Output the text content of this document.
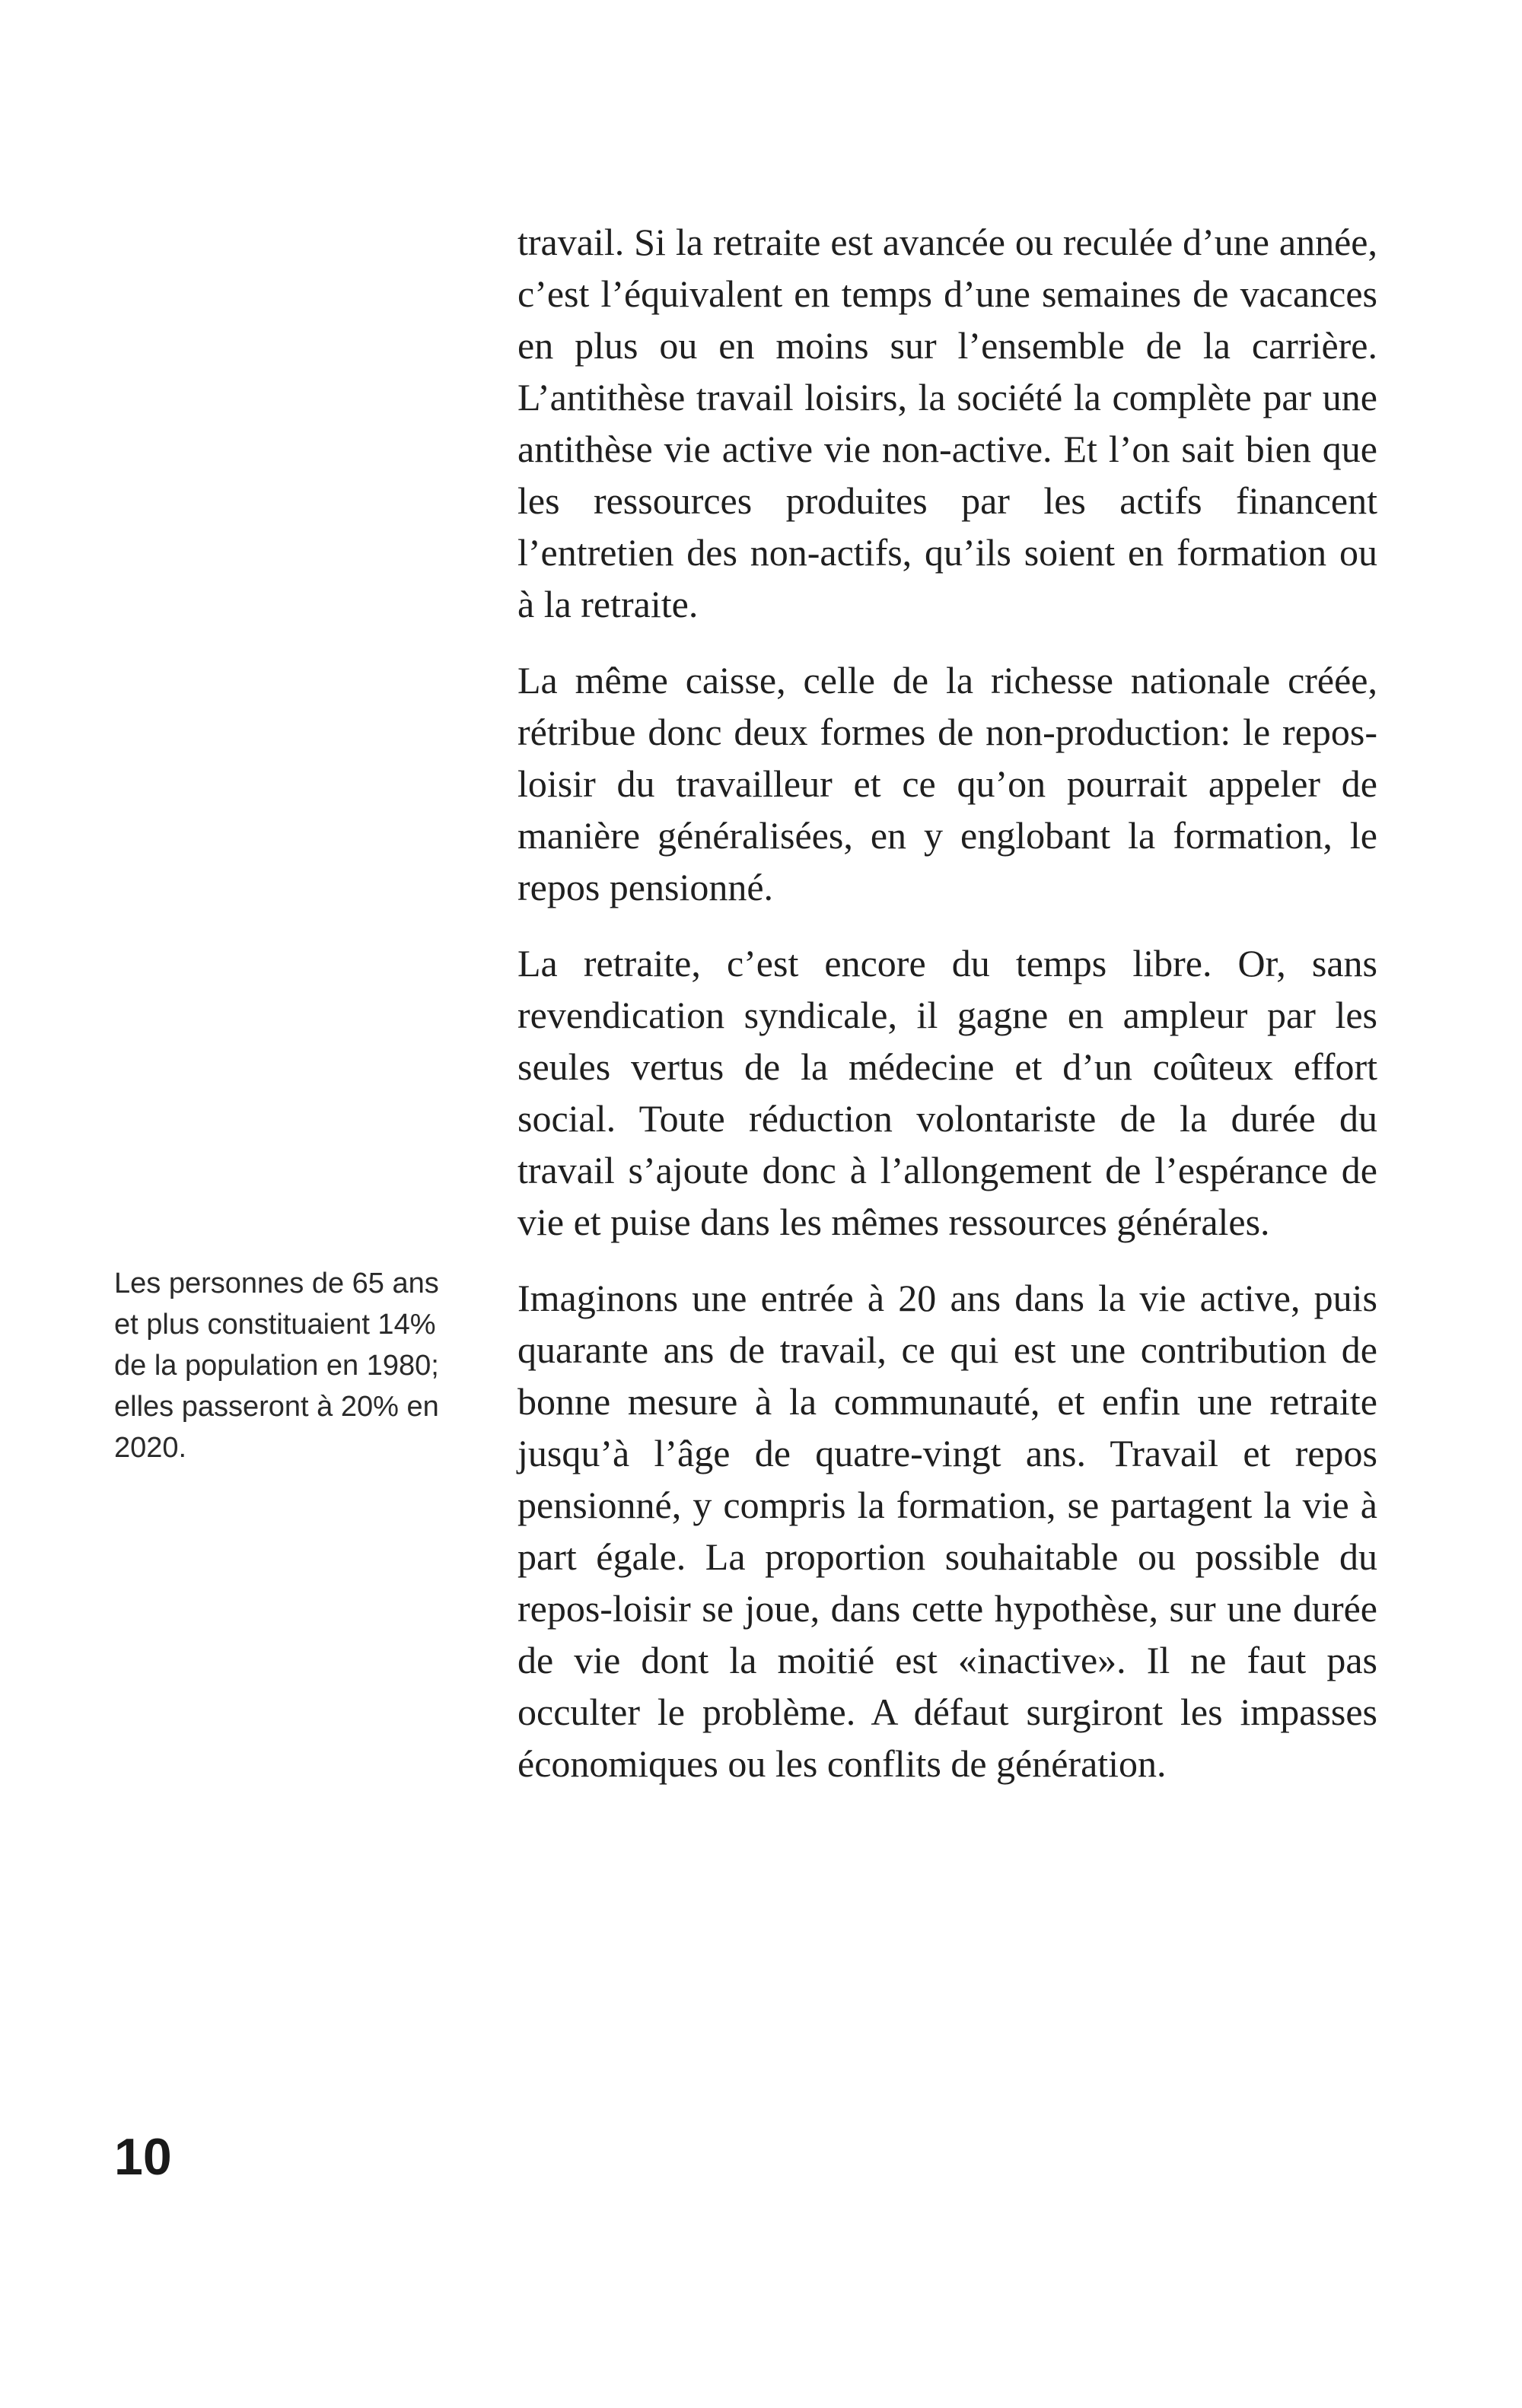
travail. Si la retraite est avancée ou reculée d’une année, c’est l’équivalent en temps d’une semaines de vacances en plus ou en moins sur l’ensemble de la carrière. L’antithèse travail loisirs, la société la complète par une antithèse vie active vie non-active. Et l’on sait bien que les ressources produites par les actifs financent l’entretien des non-actifs, qu’ils soient en formation ou à la retraite.

La même caisse, celle de la richesse nationale créée, rétribue donc deux formes de non-production: le repos-loisir du travailleur et ce qu’on pourrait appeler de manière généralisées, en y englobant la formation, le repos pensionné.

La retraite, c’est encore du temps libre. Or, sans revendication syndicale, il gagne en ampleur par les seules vertus de la médecine et d’un coûteux effort social. Toute réduction volontariste de la durée du travail s’ajoute donc à l’allongement de l’espérance de vie et puise dans les mêmes ressources générales.

Imaginons une entrée à 20 ans dans la vie active, puis quarante ans de travail, ce qui est une contribution de bonne mesure à la communauté, et enfin une retraite jusqu’à l’âge de quatre-vingt ans. Travail et repos pensionné, y compris la formation, se partagent la vie à part égale. La proportion souhaitable ou possible du repos-loisir se joue, dans cette hypothèse, sur une durée de vie dont la moitié est «inactive». Il ne faut pas occulter le problème. A défaut surgiront les impasses économiques ou les conflits de génération.

Les personnes de 65 ans et plus constituaient 14% de la population en 1980; elles passeront à 20% en 2020.
10
